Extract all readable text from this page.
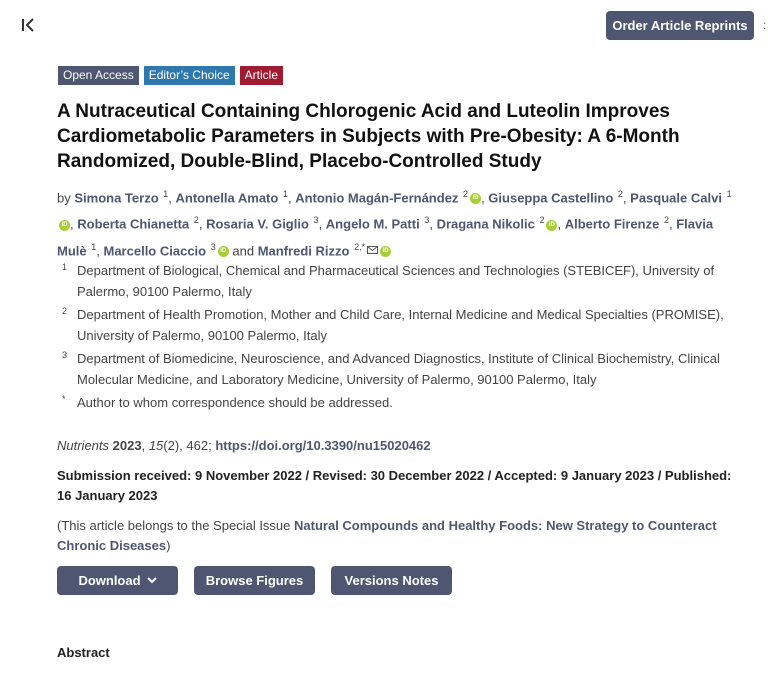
Order Article Reprints	:
Open Access	Editor’s Choice	Article
A Nutraceutical Containing Chlorogenic Acid and Luteolin Improves Cardiometabolic Parameters in Subjects with Pre-Obesity: A 6-Month Randomized, Double-Blind, Placebo-Controlled Study
by Simona Terzo $^1$, Antonella Amato $^1$, Antonio Magán-Fernández $^2$ iD , Giuseppa Castellino $^2$, Pasquale Calvi $^1$iD , Roberta Chianetta $^2$, Rosaria V. Giglio $^3$, Angelo M. Patti $^3$, Dragana Nikolic $^2$ iD , Alberto Firenze $^2$, Flavia Mulè $^1$, Marcello Ciaccio $^3$ iD and Manfredi Rizzo $^{2,*}$	iD
1 Department of Biological, Chemical and Pharmaceutical Sciences and Technologies (STEBICEF), University of Palermo, 90100 Palermo, Italy
2 Department of Health Promotion, Mother and Child Care, Internal Medicine and Medical Specialties (PROMISE), University of Palermo, 90100 Palermo, Italy
3 Department of Biomedicine, Neuroscience, and Advanced Diagnostics, Institute of Clinical Biochemistry, Clinical Molecular Medicine, and Laboratory Medicine, University of Palermo, 90100 Palermo, Italy
* Author to whom correspondence should be addressed.
Nutrients 2023, 15(2), 462; https://doi.org/10.3390/nu15020462
Submission received: 9 November 2022 / Revised: 30 December 2022 / Accepted: 9 January 2023 / Published: 16 January 2023
(This article belongs to the Special Issue Natural Compounds and Healthy Foods: New Strategy to Counteract Chronic Diseases)
Download	Browse Figures	Versions Notes
Abstract
